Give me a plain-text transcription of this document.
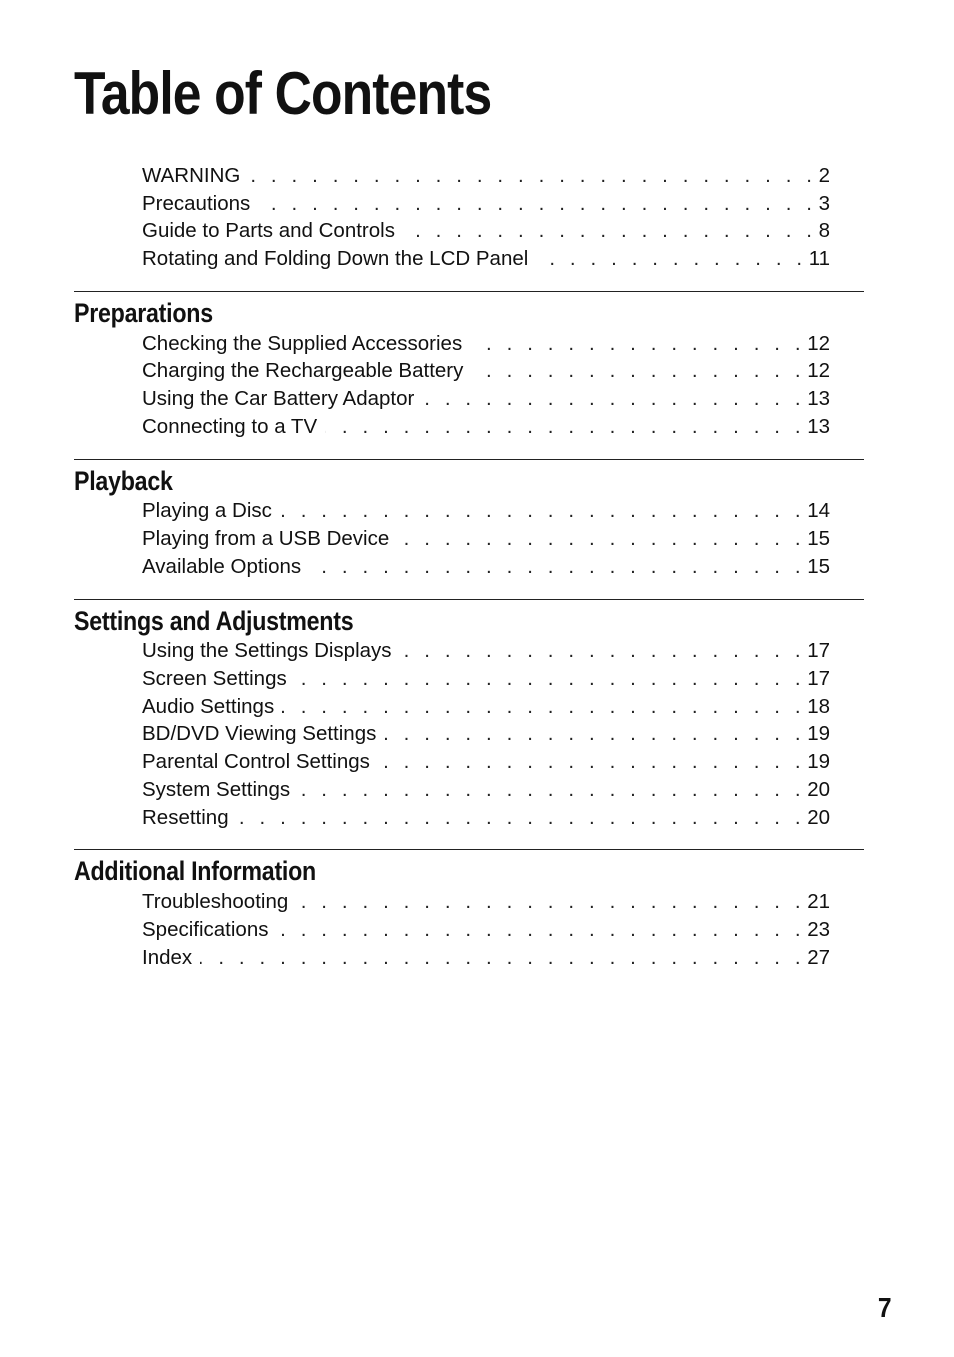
Table of Contents
WARNING . . .	2
Precautions . . .	3
Guide to Parts and Controls . . .	8
Rotating and Folding Down the LCD Panel . . .	11
Preparations
Checking the Supplied Accessories . . .	12
Charging the Rechargeable Battery . . .	12
Using the Car Battery Adaptor . . .	13
Connecting to a TV . . .	13
Playback
Playing a Disc . . .	14
Playing from a USB Device . . .	15
Available Options . . .	15
Settings and Adjustments
Using the Settings Displays . . .	17
Screen Settings . . .	17
Audio Settings . . .	18
BD/DVD Viewing Settings . . .	19
Parental Control Settings . . .	19
System Settings . . .	20
Resetting . . .	20
Additional Information
Troubleshooting . . .	21
Specifications . . .	23
Index . . .	27
7
